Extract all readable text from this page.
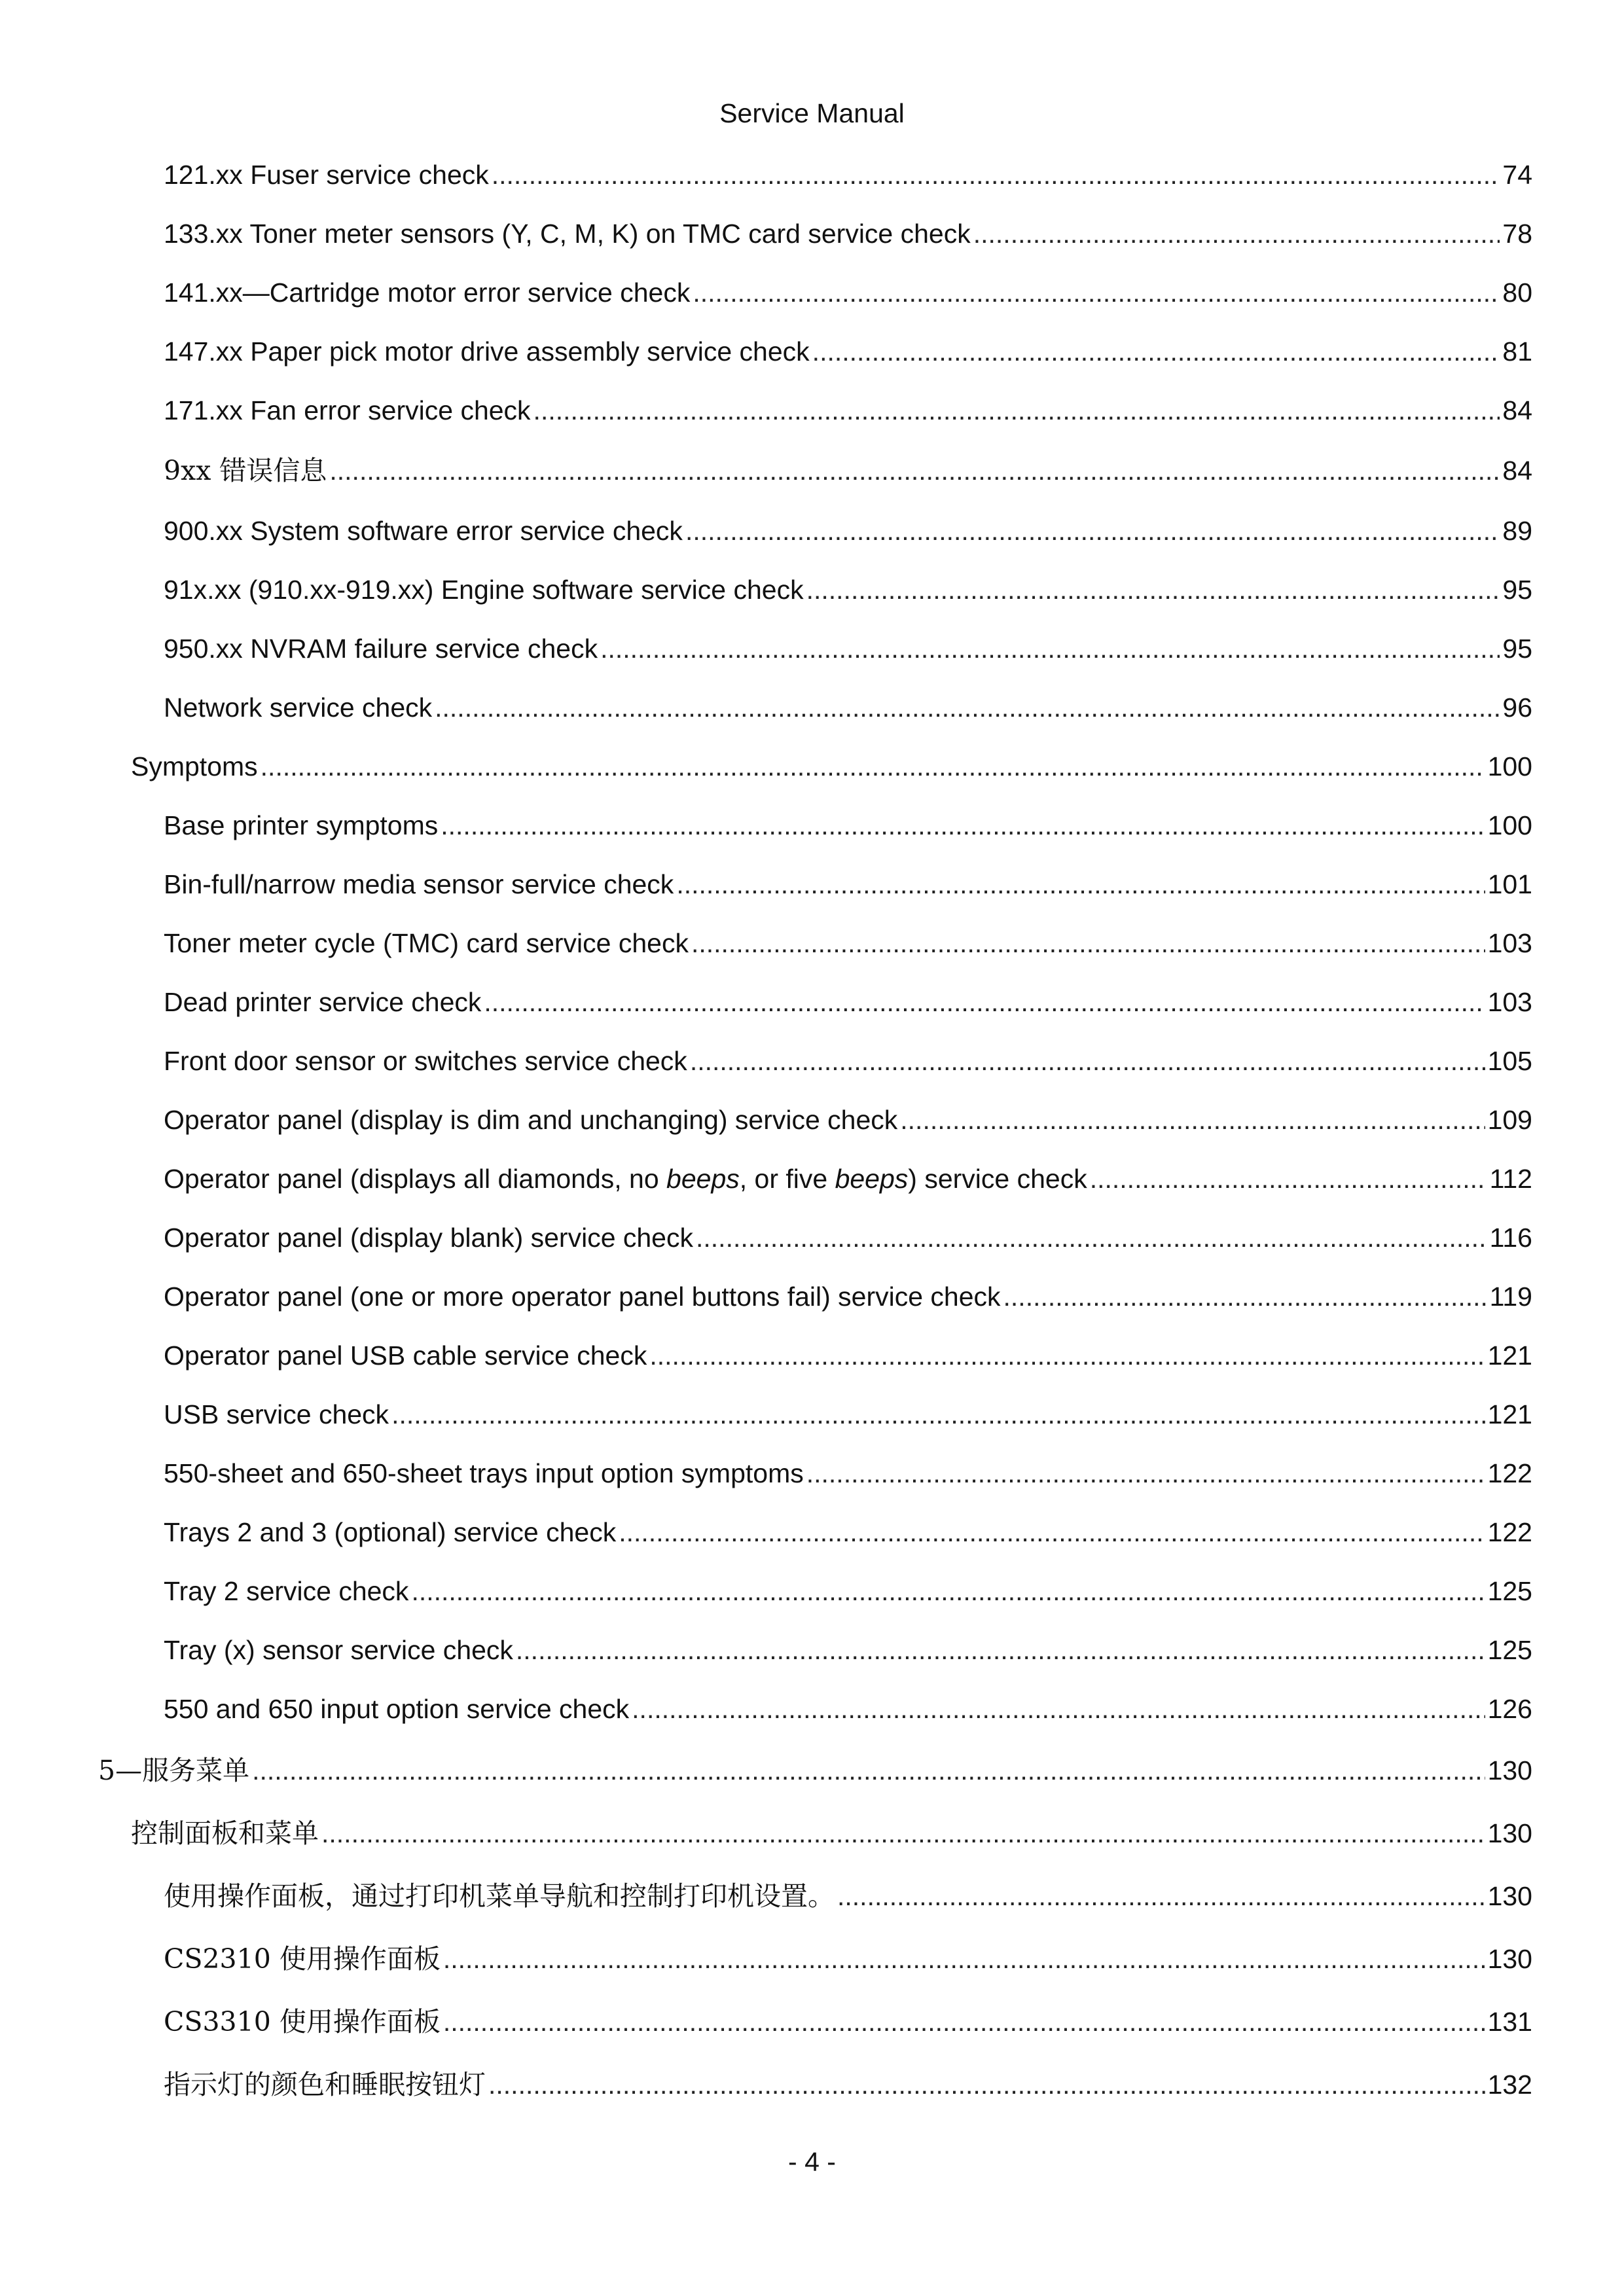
Service Manual
121.xx Fuser service check .....	74
133.xx Toner meter sensors (Y, C, M, K) on TMC card service check .....	78
141.xx—Cartridge motor error service check .....	80
147.xx Paper pick motor drive assembly service check .....	81
171.xx Fan error service check .....	84
9xx 错误信息 .....	84
900.xx System software error service check .....	89
91x.xx (910.xx-919.xx) Engine software service check .....	95
950.xx NVRAM failure service check .....	95
Network service check .....	96
Symptoms .....	100
Base printer symptoms .....	100
Bin-full/narrow media sensor service check .....	101
Toner meter cycle (TMC) card service check .....	103
Dead printer service check .....	103
Front door sensor or switches service check .....	105
Operator panel (display is dim and unchanging) service check .....	109
Operator panel (displays all diamonds, no beeps, or five beeps) service check .....	112
Operator panel (display blank) service check .....	116
Operator panel (one or more operator panel buttons fail) service check .....	119
Operator panel USB cable service check .....	121
USB service check .....	121
550-sheet and 650-sheet trays input option symptoms .....	122
Trays 2 and 3 (optional) service check .....	122
Tray 2 service check .....	125
Tray (x) sensor service check .....	125
550 and 650 input option service check .....	126
5—服务菜单 .....	130
控制面板和菜单 .....	130
使用操作面板，通过打印机菜单导航和控制打印机设置。 .....	130
CS2310 使用操作面板 .....	130
CS3310 使用操作面板 .....	131
指示灯的颜色和睡眠按钮灯 .....	132
- 4 -
